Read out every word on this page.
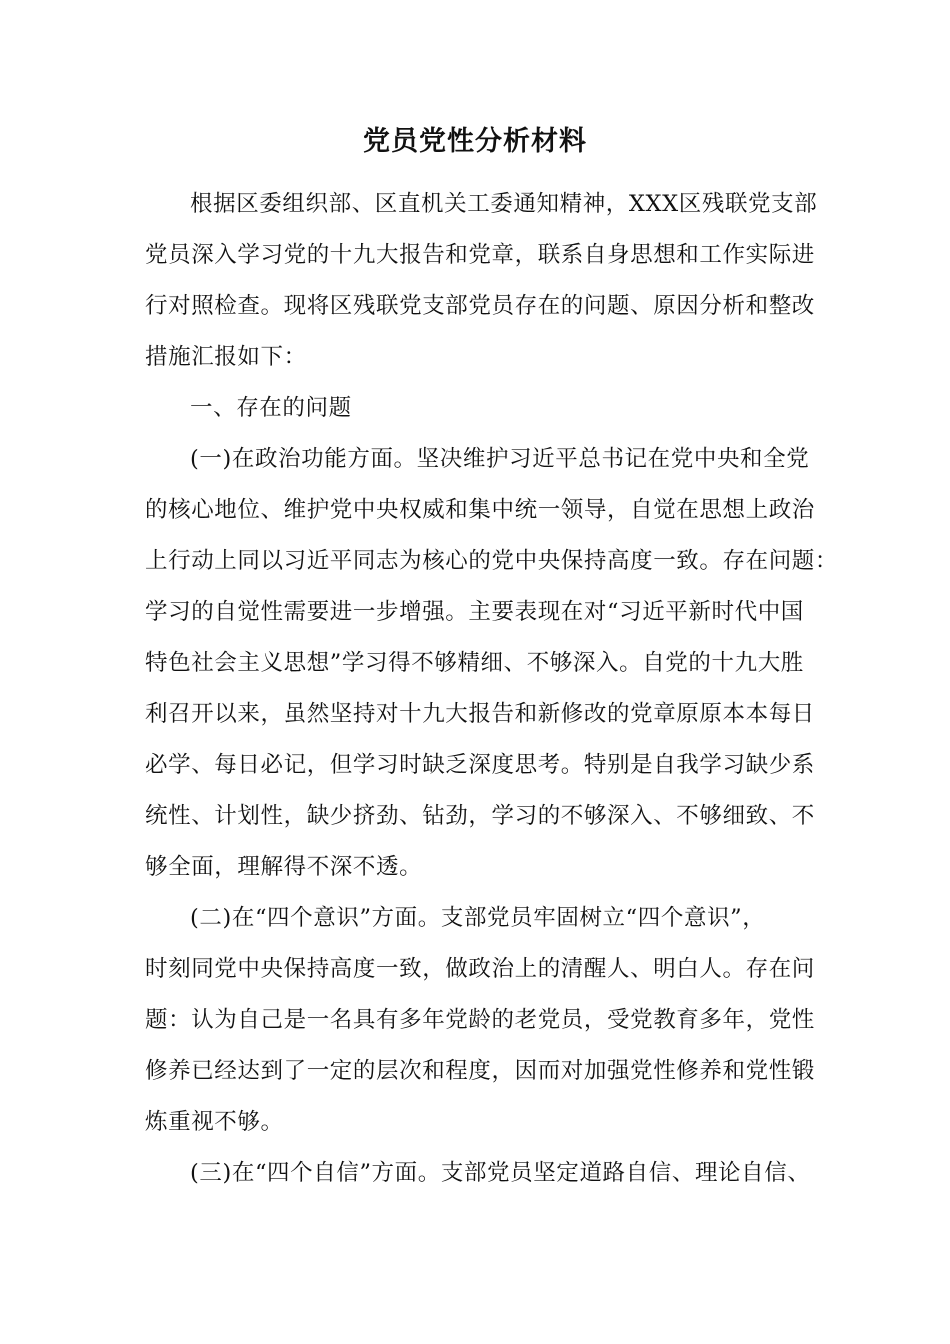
党员党性分析材料
根据区委组织部、区直机关工委通知精神，XXX区残联党支部
党员深入学习党的十九大报告和党章，联系自身思想和工作实际进
行对照检查。现将区残联党支部党员存在的问题、原因分析和整改
措施汇报如下：
一、存在的问题
(一)在政治功能方面。坚决维护习近平总书记在党中央和全党
的核心地位、维护党中央权威和集中统一领导，自觉在思想上政治
上行动上同以习近平同志为核心的党中央保持高度一致。存在问题：
学习的自觉性需要进一步增强。主要表现在对“习近平新时代中国
特色社会主义思想”学习得不够精细、不够深入。自党的十九大胜
利召开以来，虽然坚持对十九大报告和新修改的党章原原本本每日
必学、每日必记，但学习时缺乏深度思考。特别是自我学习缺少系
统性、计划性，缺少挤劲、钻劲，学习的不够深入、不够细致、不
够全面，理解得不深不透。
(二)在“四个意识”方面。支部党员牢固树立“四个意识”，
时刻同党中央保持高度一致，做政治上的清醒人、明白人。存在问
题：认为自己是一名具有多年党龄的老党员，受党教育多年，党性
修养已经达到了一定的层次和程度，因而对加强党性修养和党性锻
炼重视不够。
(三)在“四个自信”方面。支部党员坚定道路自信、理论自信、
